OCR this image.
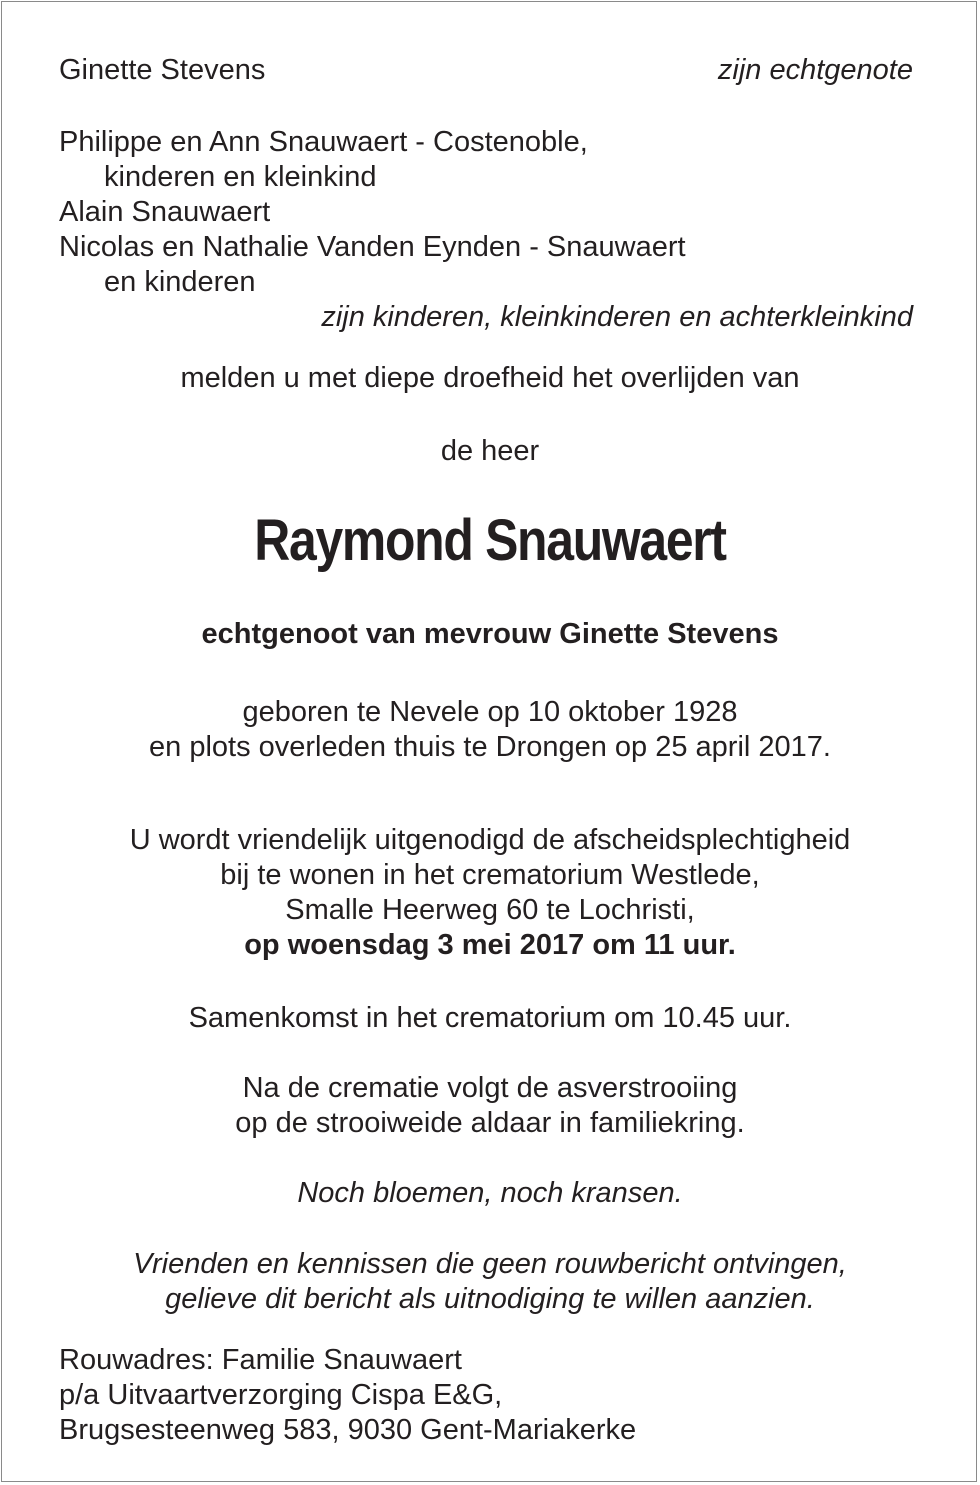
Ginette Stevens	zijn echtgenote
Philippe en Ann Snauwaert - Costenoble,
kinderen en kleinkind
Alain Snauwaert
Nicolas en Nathalie Vanden Eynden - Snauwaert
en kinderen
zijn kinderen, kleinkinderen en achterkleinkind
melden u met diepe droefheid het overlijden van
de heer
Raymond Snauwaert
echtgenoot van mevrouw Ginette Stevens
geboren te Nevele op 10 oktober 1928
en plots overleden thuis te Drongen op 25 april 2017.
U wordt vriendelijk uitgenodigd de afscheidsplechtigheid
bij te wonen in het crematorium Westlede,
Smalle Heerweg 60 te Lochristi,
op woensdag 3 mei 2017 om 11 uur.
Samenkomst in het crematorium om 10.45 uur.
Na de crematie volgt de asverstrooiing
op de strooiweide aldaar in familiekring.
Noch bloemen, noch kransen.
Vrienden en kennissen die geen rouwbericht ontvingen,
gelieve dit bericht als uitnodiging te willen aanzien.
Rouwadres: Familie Snauwaert
p/a Uitvaartverzorging Cispa E&G,
Brugsesteenweg 583, 9030 Gent-Mariakerke
